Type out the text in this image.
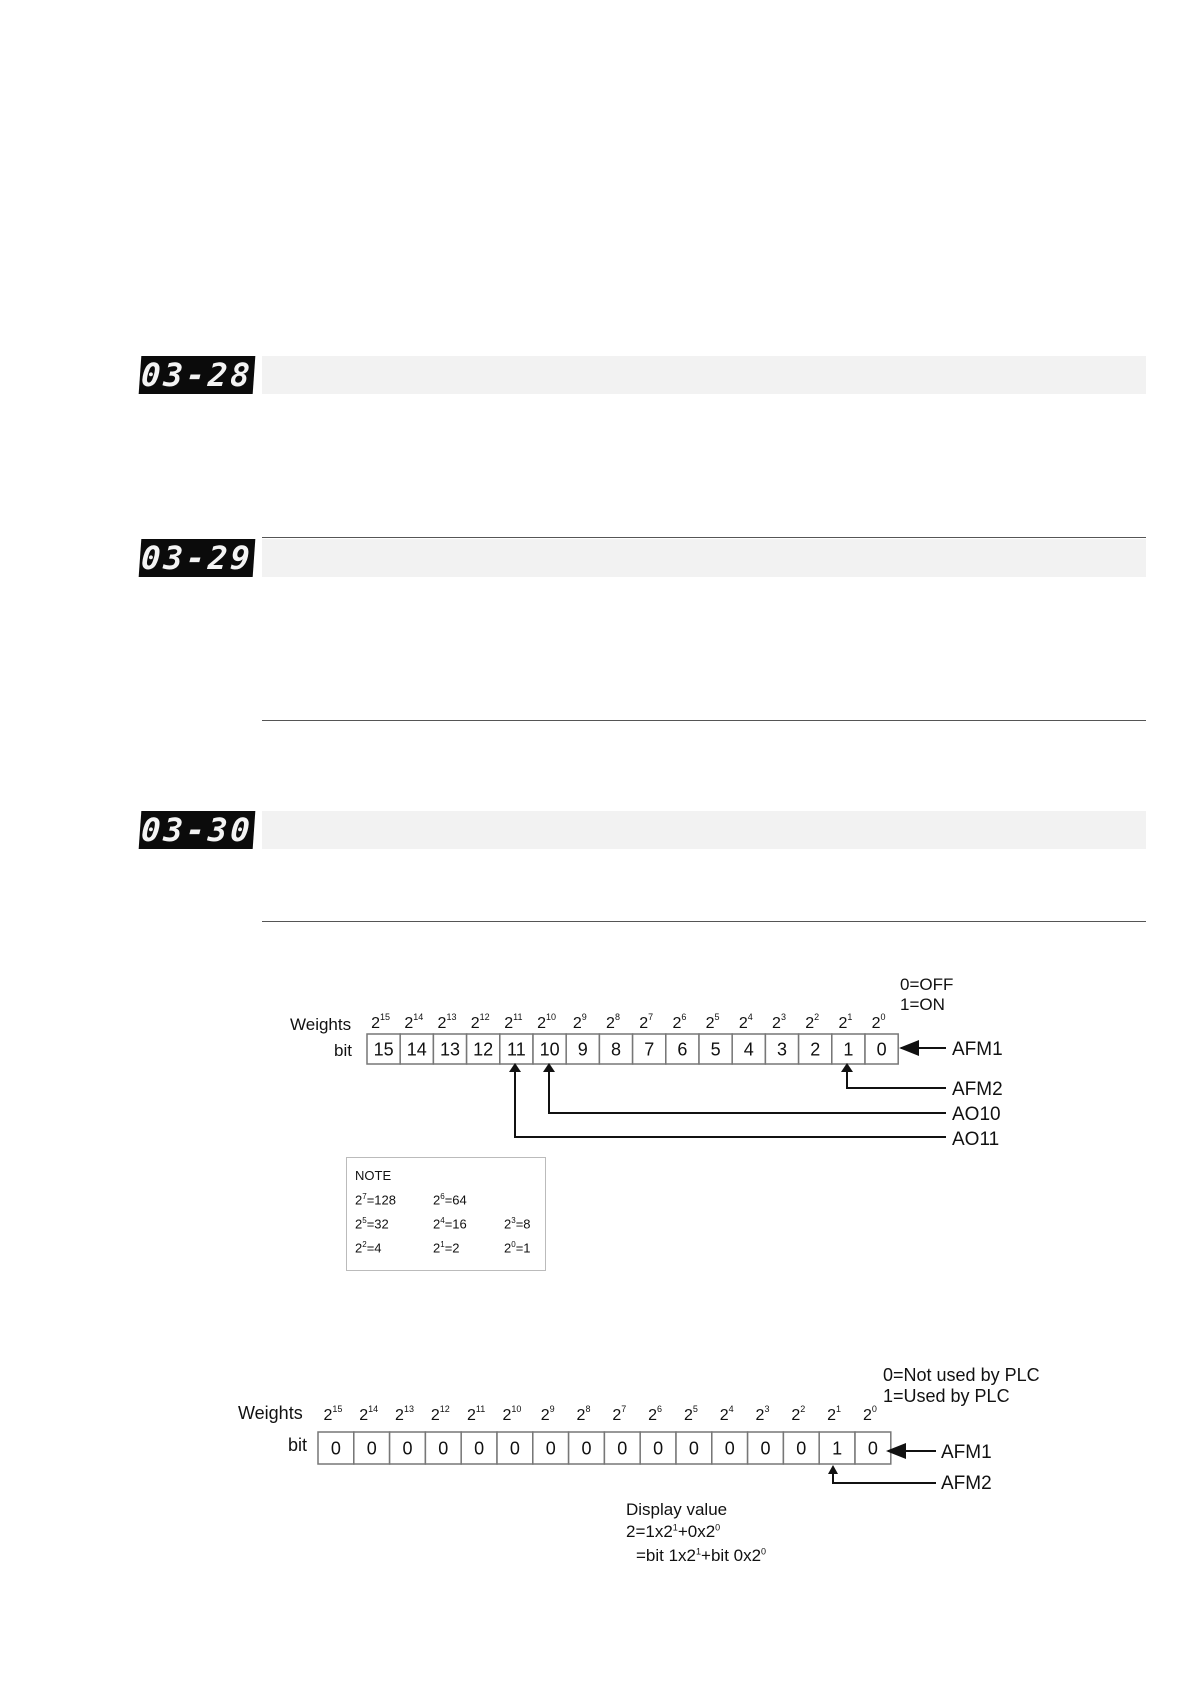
03-28
03-29
03-30
0=OFF
1=ON
Weights
bit
$2^{15}$ $2^{14}$ $2^{13}$ $2^{12}$ $2^{11}$ $2^{10}$ $2^9$ $2^8$ $2^7$ $2^6$ $2^5$ $2^4$ $2^3$ $2^2$ $2^1$ $2^0$
15 14 13 12 11 10 9 8 7 6 5 4 3 2 1 0	AFM1
AFM2
AO10
AO11
0=Not used by PLC
1=Used by PLC
Weights
bit
$2^{15}$ $2^{14}$ $2^{13}$ $2^{12}$ $2^{11}$ $2^{10}$ $2^9$ $2^8$ $2^7$ $2^6$ $2^5$ $2^4$ $2^3$ $2^2$ $2^1$ $2^0$
0 0 0 0 0 0 0 0 0 0 0 0 0 0 1 0	AFM1
AFM2
NOTE
$2^7=128$	$2^6=64$
$2^5=32$	$2^4=16$	$2^3=8$
$2^2=4$	$2^1=2$	$2^0=1$
Display value
$2=1x2^1+0x2^0$
=bit $1x2^1+bit$ $0x2^0$
